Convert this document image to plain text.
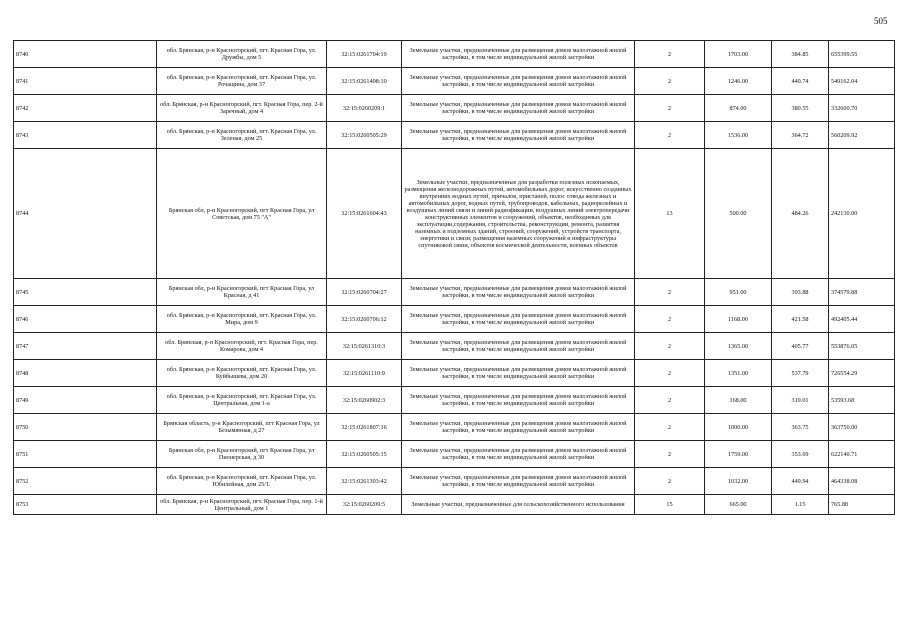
505
8740	обл. Брянская, р-н Красногорский, пгт. Красная Гора, ул. Дружбы, дом 5	32:15:0261704:19	Земельные участки, предназначенные для размещения домов малоэтажной жилой застройки, в том числе индивидуальной жилой застройки	2	1703.00	384.85	655399.55
8741	обл. Брянская, р-н Красногорский, пгт. Красная Гора, ул. Рочащина, дом 37	32:15:0261408:10	Земельные участки, предназначенные для размещения домов малоэтажной жилой застройки, в том числе индивидуальной жилой застройки	2	1246.00	440.74	549162.04
8742	обл. Брянская, р-н Красногорский, пгт. Красная Гора, пер. 2-й Заречный, дом 4	32:15:0260209:1	Земельные участки, предназначенные для размещения домов малоэтажной жилой застройки, в том числе индивидуальной жилой застройки	2	874.00	380.55	332600.70
8743	обл. Брянская, р-н Красногорский, пгт. Красная Гора, ул. Зеленая, дом 25	32:15:0260505:29	Земельные участки, предназначенные для размещения домов малоэтажной жилой застройки, в том числе индивидуальной жилой застройки	2	1536.00	364.72	560209.92
8744	Брянская обл, р-н Красногорский, пгт Красная Гора, ул Советская, дом 75 "А"	32:15:0261604:43	Земельные участки, предназначенные для разработки полезных ископаемых, размещения железнодорожных путей, автомобильных дорог, искусственно созданных внутренних водных путей, причалов, пристаней, полос отвода железных и автомобильных дорог, водных путей, трубопроводов, кабельных, радиорелейных и воздушных линий связи и линий радиофикации, воздушных линий электропередачи конструктивных элементов и сооружений, объектов, необходимых для эксплуатации,содержания, строительства, реконструкции, ремонта, развития наземных и подземных зданий, строений, сооружений, устройств транспорта, энергетики и связи; размещения наземных сооружений и инфраструктуры спутниковой связи, объектов космической деятельности, военных объектов	13	500.00	484.26	242130.00
8745	Брянская обл, р-н Красногорский, пгт Красная Гора, ул Красная, д 41	32:15:0260704:27	Земельные участки, предназначенные для размещения домов малоэтажной жилой застройки, в том числе индивидуальной жилой застройки	2	951.00	393.88	374579.88
8746	обл. Брянская, р-н Красногорский, пгт. Красная Гора, ул. Мира, дом 9	32:15:0260706:12	Земельные участки, предназначенные для размещения домов малоэтажной жилой застройки, в том числе индивидуальной жилой застройки	2	1168.00	421.58	492405.44
8747	обл. Брянская, р-н Красногорский, пгт. Красная Гора, пер. Комарова, дом 4	32:15:0261310:3	Земельные участки, предназначенные для размещения домов малоэтажной жилой застройки, в том числе индивидуальной жилой застройки	2	1365.00	405.77	553876.05
8748	обл. Брянская, р-н Красногорский, пгт. Красная Гора, ул. Куйбышева, дом 20	32:15:0261110:9	Земельные участки, предназначенные для размещения домов малоэтажной жилой застройки, в том числе индивидуальной жилой застройки	2	1351.00	537.79	726554.29
8749	обл. Брянская, р-н Красногорский, пгт. Красная Гора, ул. Центральная, дом 1-а	32:15:0260902:3	Земельные участки, предназначенные для размещения домов малоэтажной жилой застройки, в том числе индивидуальной жилой застройки	2	168.00	319.01	53593.68
8750	Брянская область, р-н Красногорский, пгт Красная Гора, ул Безымянная, д 27	32:15:0261807:16	Земельные участки, предназначенные для размещения домов малоэтажной жилой застройки, в том числе индивидуальной жилой застройки	2	1000.00	363.75	363750.00
8751	Брянская обл, р-н Красногорский, пгт Красная Гора, ул Пионерская, д 30	32:15:0260505:15	Земельные участки, предназначенные для размещения домов малоэтажной жилой застройки, в том числе индивидуальной жилой застройки	2	1759.00	353.69	622140.71
8752	обл. Брянская, р-н Красногорский, пгт. Красная Гора, ул. Юбилейная, дом 25/1.	32:15:0261303:42	Земельные участки, предназначенные для размещения домов малоэтажной жилой застройки, в том числе индивидуальной жилой застройки	2	1032.00	449.94	464338.08
8753	обл. Брянская, р-н Красногорский, пгт. Красная Гора, пер. 1-й Центральный, дом 1	32:15:0260209:5	Земельные участки, предназначенные для сельскохозяйственного использования	15	665.00	1.15	765.88
